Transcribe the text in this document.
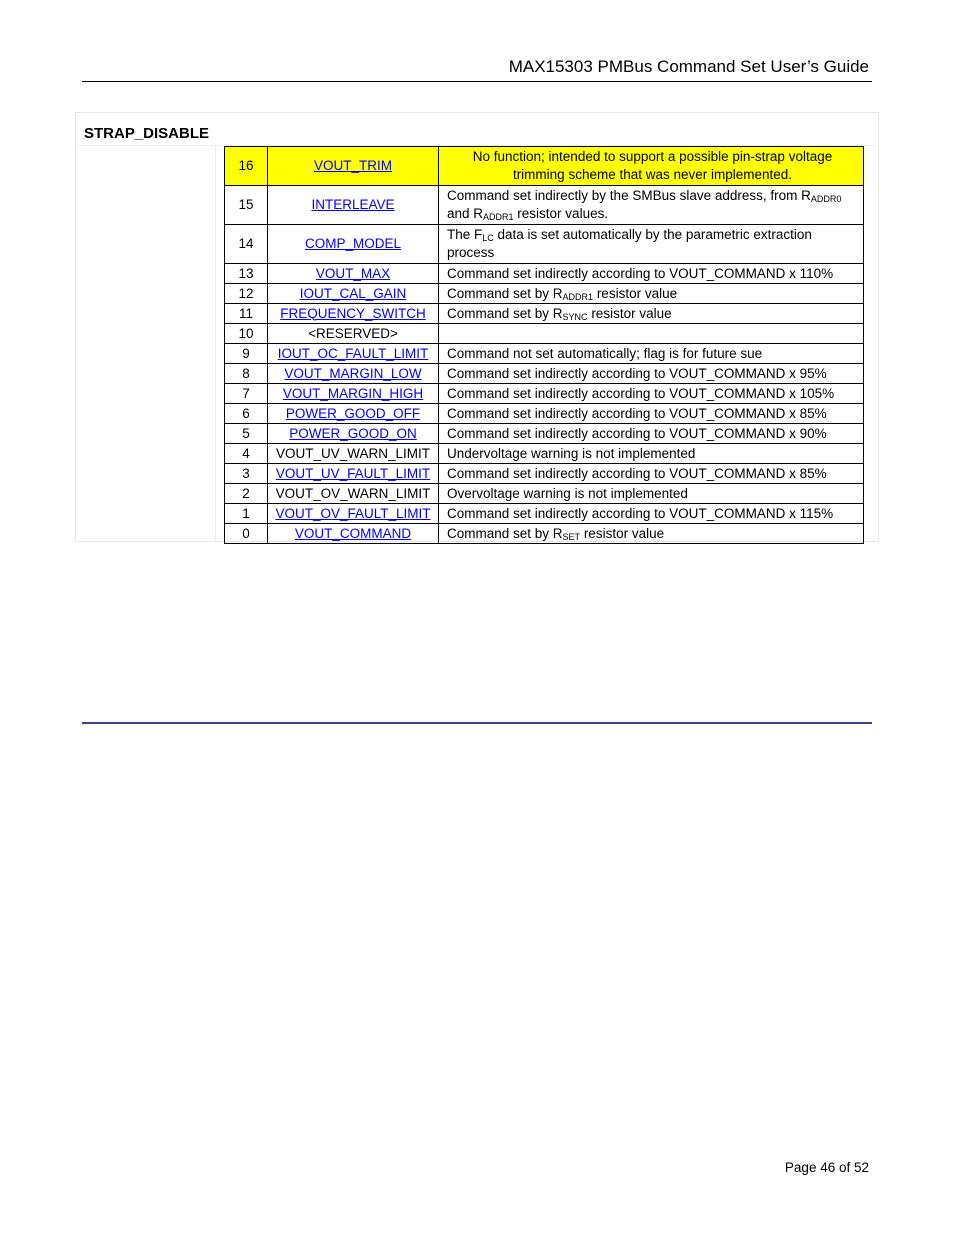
MAX15303 PMBus Command Set User’s Guide
STRAP_DISABLE
16	VOUT_TRIM	No function; intended to support a possible pin-strap voltage trimming scheme that was never implemented.
15	INTERLEAVE	Command set indirectly by the SMBus slave address, from $R_{ADDR0}$ and $R_{ADDR1}$ resistor values.
14	COMP_MODEL	The $F_{LC}$ data is set automatically by the parametric extraction process
13	VOUT_MAX	Command set indirectly according to VOUT_COMMAND x 110%
12	IOUT_CAL_GAIN	Command set by $R_{ADDR1}$ resistor value
11	FREQUENCY_SWITCH	Command set by $R_{SYNC}$ resistor value
10	<RESERVED>	
9	IOUT_OC_FAULT_LIMIT	Command not set automatically; flag is for future sue
8	VOUT_MARGIN_LOW	Command set indirectly according to VOUT_COMMAND x 95%
7	VOUT_MARGIN_HIGH	Command set indirectly according to VOUT_COMMAND x 105%
6	POWER_GOOD_OFF	Command set indirectly according to VOUT_COMMAND x 85%
5	POWER_GOOD_ON	Command set indirectly according to VOUT_COMMAND x 90%
4	VOUT_UV_WARN_LIMIT	Undervoltage warning is not implemented
3	VOUT_UV_FAULT_LIMIT	Command set indirectly according to VOUT_COMMAND x 85%
2	VOUT_OV_WARN_LIMIT	Overvoltage warning is not implemented
1	VOUT_OV_FAULT_LIMIT	Command set indirectly according to VOUT_COMMAND x 115%
0	VOUT_COMMAND	Command set by $R_{SET}$ resistor value
Page 46 of 52
